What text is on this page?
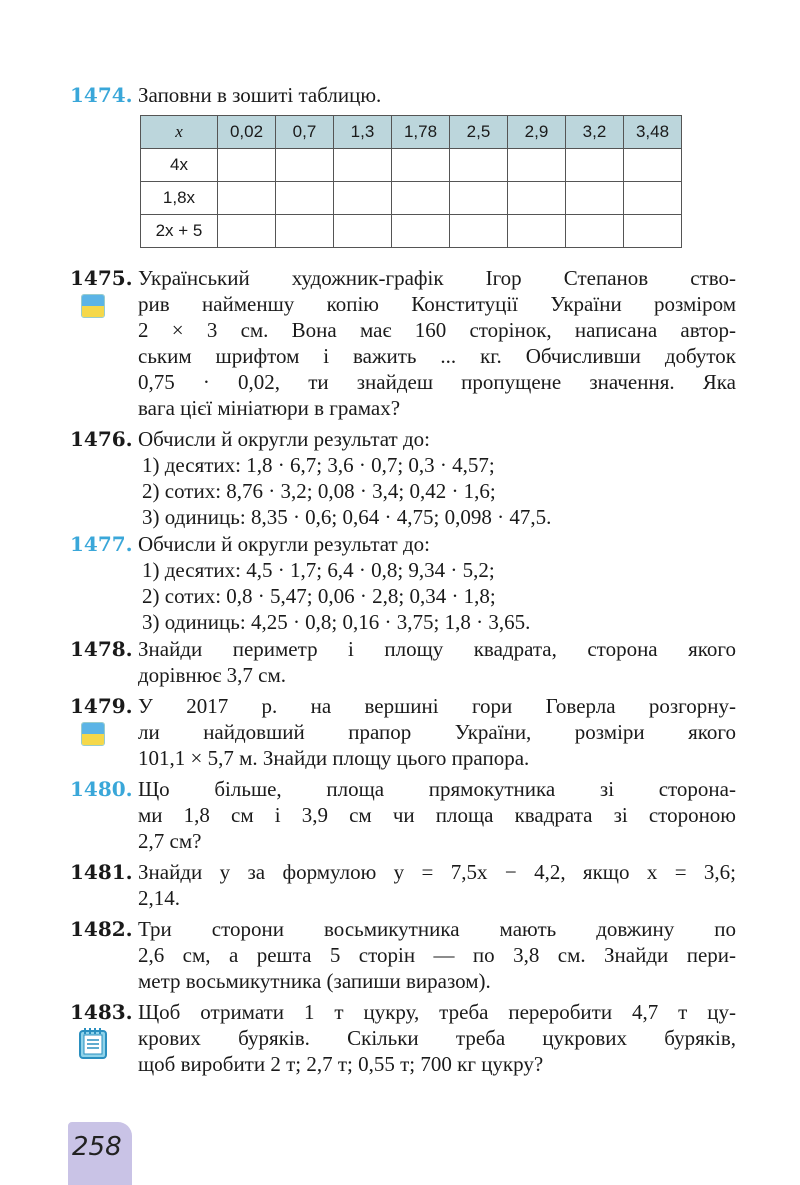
1474. Заповни в зошиті таблицю.
x	0,02	0,7	1,3	1,78	2,5	2,9	3,2	3,48
4x								
1,8x								
2x + 5								
1475. Український художник-графік Ігор Степанов ство-
рив найменшу копію Конституції України розміром
2 × 3 см. Вона має 160 сторінок, написана автор-
ським шрифтом і важить ... кг. Обчисливши добуток
0,75 · 0,02, ти знайдеш пропущене значення. Яка
вага цієї мініатюри в грамах?
1476. Обчисли й округли результат до:
1) десятих: 1,8 · 6,7; 3,6 · 0,7; 0,3 · 4,57;
2) сотих: 8,76 · 3,2; 0,08 · 3,4; 0,42 · 1,6;
3) одиниць: 8,35 · 0,6; 0,64 · 4,75; 0,098 · 47,5.
1477. Обчисли й округли результат до:
1) десятих: 4,5 · 1,7; 6,4 · 0,8; 9,34 · 5,2;
2) сотих: 0,8 · 5,47; 0,06 · 2,8; 0,34 · 1,8;
3) одиниць: 4,25 · 0,8; 0,16 · 3,75; 1,8 · 3,65.
1478. Знайди периметр і площу квадрата, сторона якого
дорівнює 3,7 см.
1479. У 2017 р. на вершині гори Говерла розгорну-
ли найдовший прапор України, розміри якого
101,1 × 5,7 м. Знайди площу цього прапора.
1480. Що більше, площа прямокутника зі сторона-
ми 1,8 см і 3,9 см чи площа квадрата зі стороною
2,7 см?
1481. Знайди y за формулою y = 7,5x − 4,2, якщо x = 3,6;
2,14.
1482. Три сторони восьмикутника мають довжину по
2,6 см, а решта 5 сторін — по 3,8 см. Знайди пери-
метр восьмикутника (запиши виразом).
1483. Щоб отримати 1 т цукру, треба переробити 4,7 т цу-
крових буряків. Скільки треба цукрових буряків,
щоб виробити 2 т; 2,7 т; 0,55 т; 700 кг цукру?
258
